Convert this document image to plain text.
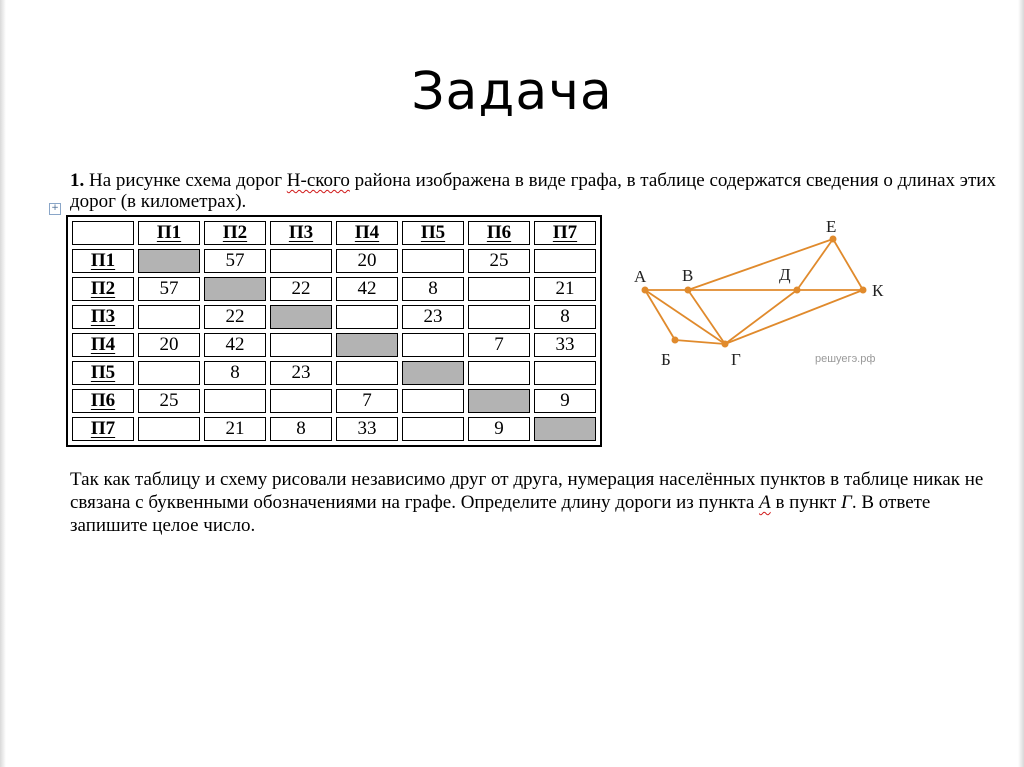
Задача
1. На рисунке схема дорог Н-ского района изображена в виде графа, в таблице содержатся сведения о длинах этих дорог (в километрах).
+
	П1	П2	П3	П4	П5	П6	П7
П1		57		20		25	
П2	57		22	42	8		21
П3		22			23		8
П4	20	42				7	33
П5		8	23				
П6	25			7			9
П7		21	8	33		9	
А В	Д
Е
К
Б	Г	решуегэ.рф
Так как таблицу и схему рисовали независимо друг от друга, нумерация населённых пунктов в таблице никак не связана с буквенными обозначениями на графе. Определите длину дороги из пункта А в пункт Г. В ответе запишите целое число.
